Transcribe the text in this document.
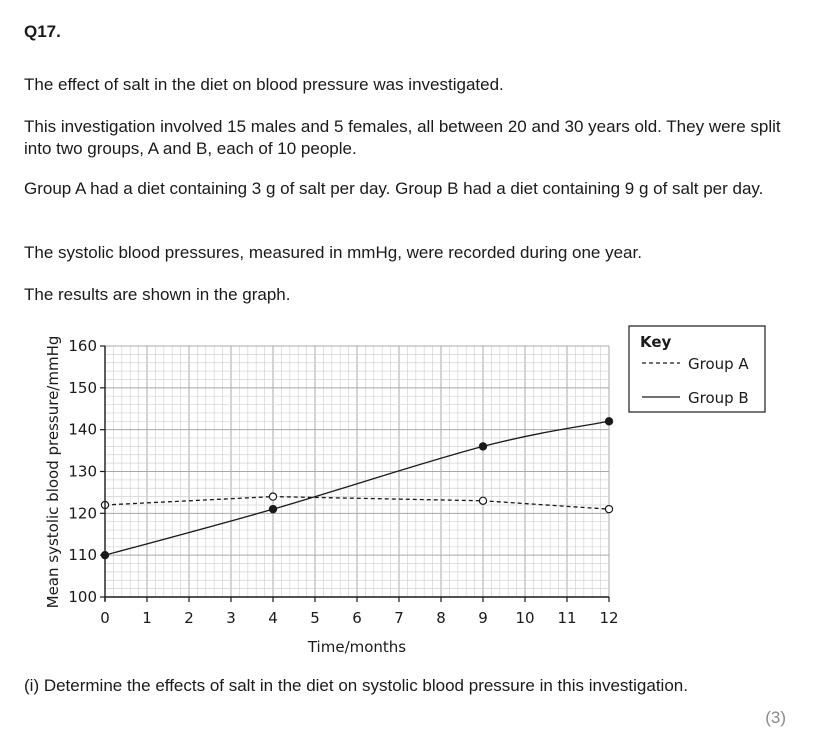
Q17.

The effect of salt in the diet on blood pressure was investigated.

This investigation involved 15 males and 5 females, all between 20 and 30 years old. They were split into two groups, A and B, each of 10 people.

Group A had a diet containing 3 g of salt per day. Group B had a diet containing 9 g of salt per day.

The systolic blood pressures, measured in mmHg, were recorded during one year.

The results are shown in the graph.

0 1 2 3 4 5 6 7 8 9 10 11 12
100
110
120
130
140
150
160
Mean systolic blood pressure/mmHg
Time/months
Key
Group A
Group B
(i) Determine the effects of salt in the diet on systolic blood pressure in this investigation.
(3)
